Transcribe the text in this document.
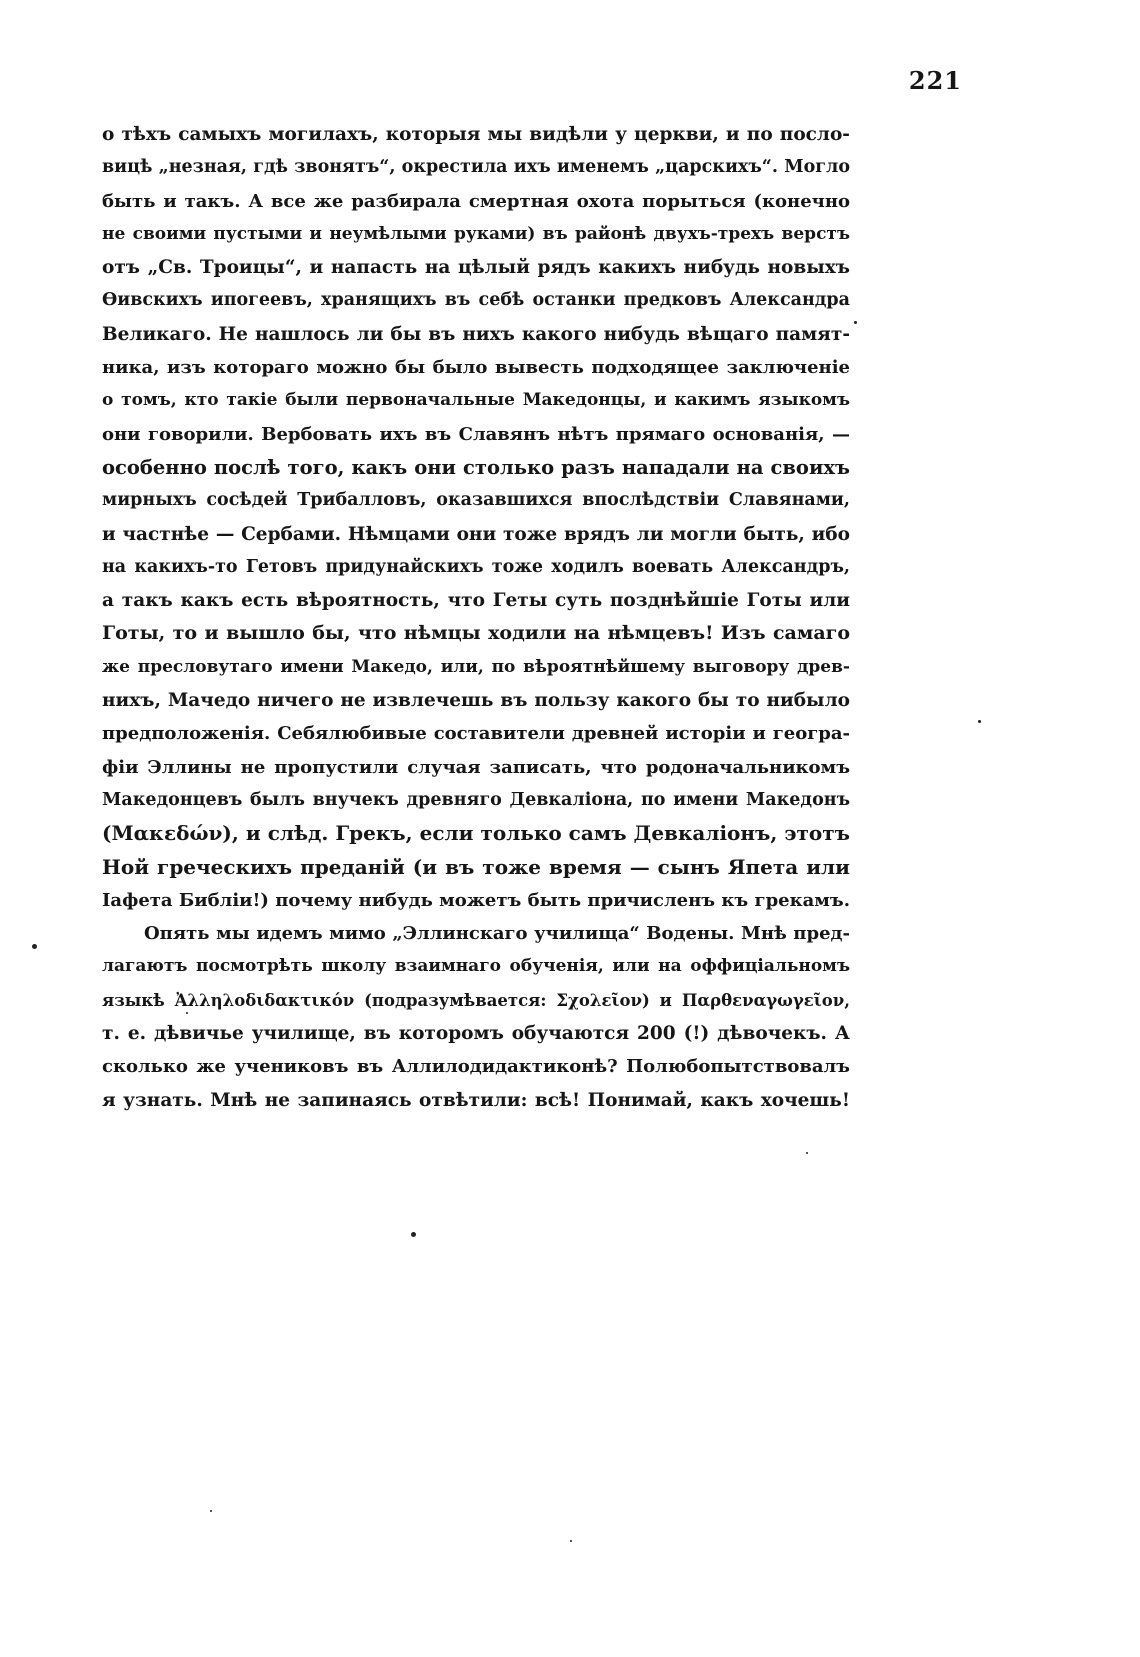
221
о тѣхъ самыхъ могилахъ, которыя мы видѣли у церкви, и по посло-
вицѣ „незная, гдѣ звонятъ“, окрестила ихъ именемъ „царскихъ“. Могло
быть и такъ. А все же разбирала смертная охота порыться (конечно
не своими пустыми и неумѣлыми руками) въ районѣ двухъ-трехъ верстъ
отъ „Св. Троицы“, и напасть на цѣлый рядъ какихъ нибудь новыхъ
Ѳивскихъ ипогеевъ, хранящихъ въ себѣ останки предковъ Александра
Великаго. Не нашлось ли бы въ нихъ какого нибудь вѣщаго памят-
ника, изъ котораго можно бы было вывесть подходящее заключеніе
о томъ, кто такіе были первоначальные Македонцы, и какимъ языкомъ
они говорили. Вербовать ихъ въ Славянъ нѣтъ прямаго основанія, —
особенно послѣ того, какъ они столько разъ нападали на своихъ
мирныхъ сосѣдей Трибалловъ, оказавшихся впослѣдствіи Славянами,
и частнѣе — Сербами. Нѣмцами они тоже врядъ ли могли быть, ибо
на какихъ-то Гетовъ придунайскихъ тоже ходилъ воевать Александръ,
а такъ какъ есть вѣроятность, что Геты суть позднѣйшіе Готы или
Готы, то и вышло бы, что нѣмцы ходили на нѣмцевъ! Изъ самаго
же пресловутаго имени Македо, или, по вѣроятнѣйшему выговору древ-
нихъ, Мачедо ничего не извлечешь въ пользу какого бы то нибыло
предположенія. Себялюбивые составители древней исторіи и геогра-
фіи Эллины не пропустили случая записать, что родоначальникомъ
Македонцевъ былъ внучекъ древняго Девкаліона, по имени Македонъ
(Μακεδών), и слѣд. Грекъ, если только самъ Девкаліонъ, этотъ
Ной греческихъ преданій (и въ тоже время — сынъ Япета или
Іафета Библіи!) почему нибудь можетъ быть причисленъ къ грекамъ.
Опять мы идемъ мимо „Эллинскаго училища“ Водены. Мнѣ пред-
лагаютъ посмотрѣть школу взаимнаго обученія, или на оффиціальномъ
языкѣ Ἀλληλοδιδακτικόν (подразумѣвается: Σχολεῖον) и Παρθεναγωγεῖον,
т. е. дѣвичье училище, въ которомъ обучаются 200 (!) дѣвочекъ. А
сколько же учениковъ въ Аллилодидактиконѣ? Полюбопытствовалъ
я узнать. Мнѣ не запинаясь отвѣтили: всѣ! Понимай, какъ хочешь!
